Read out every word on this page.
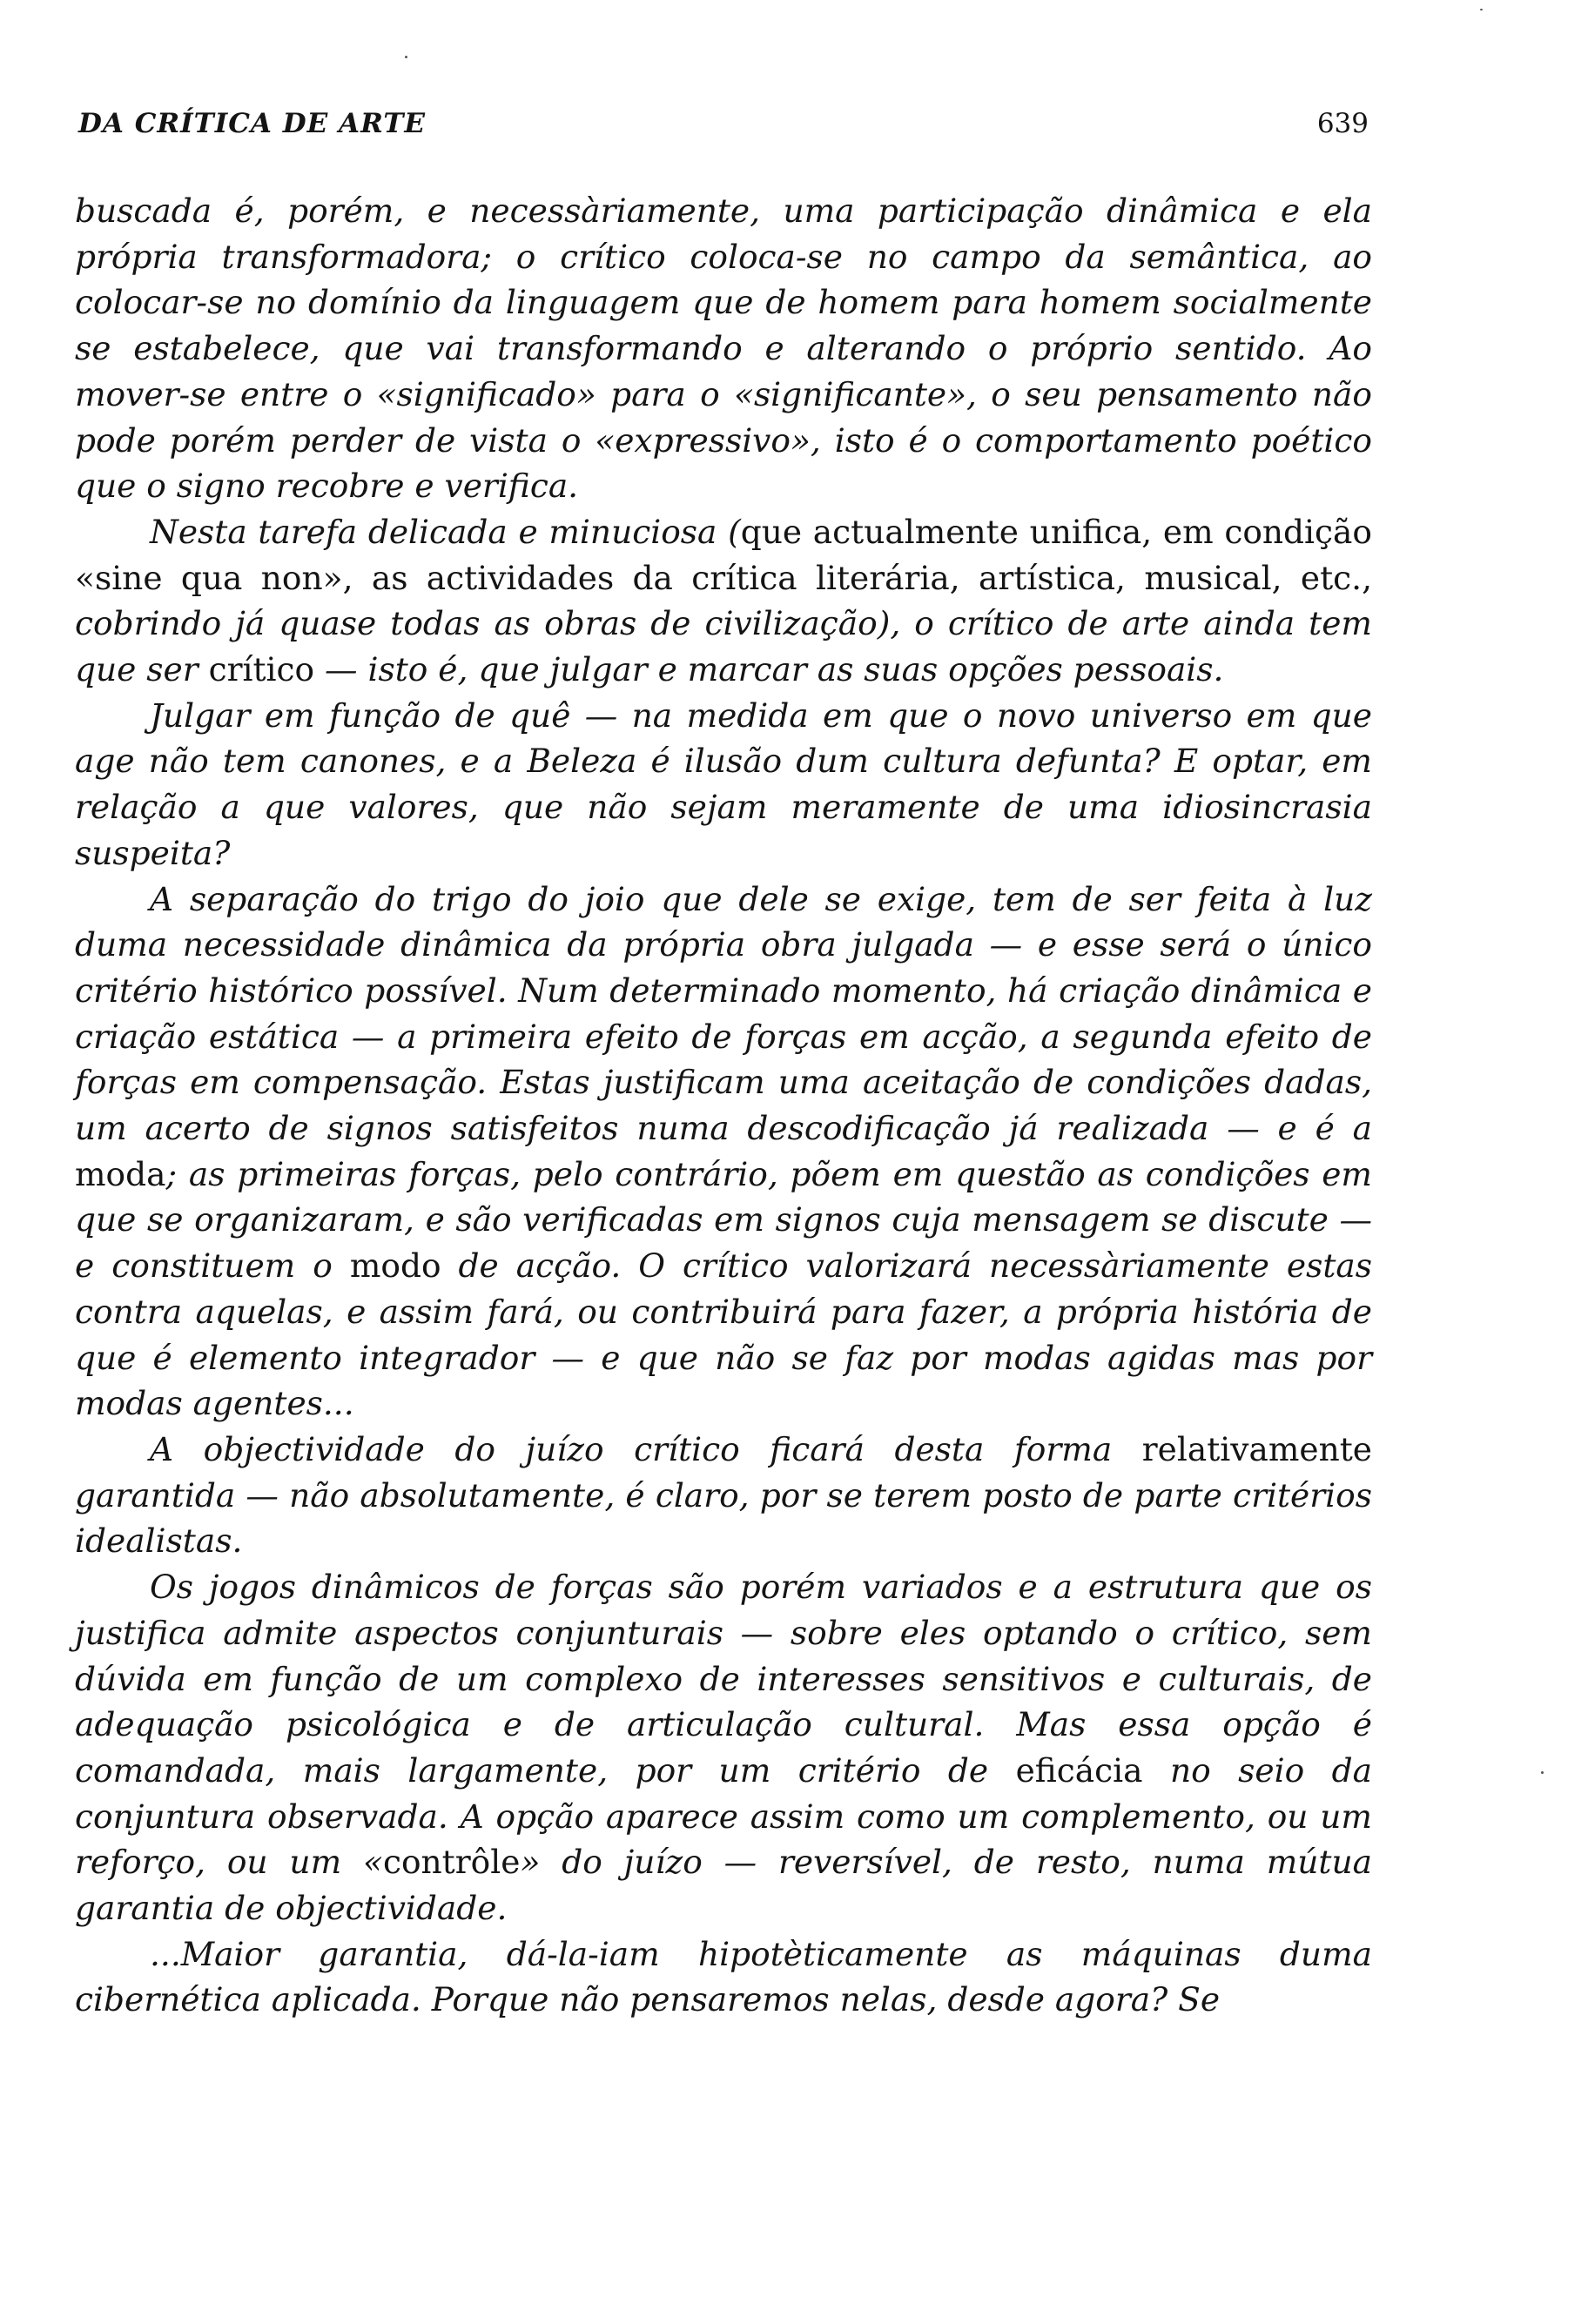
DA CRÍTICA DE ARTE	639

buscada é, porém, e necessàriamente, uma participação dinâmica e ela própria transformadora; o crítico coloca-se no campo da semântica, ao colocar-se no domínio da linguagem que de homem para homem socialmente se estabelece, que vai transformando e alterando o próprio sentido. Ao mover-se entre o «significado» para o «significante», o seu pensamento não pode porém perder de vista o «expressivo», isto é o comportamento poético que o signo recobre e verifica.

Nesta tarefa delicada e minuciosa (que actualmente unifica, em condição «sine qua non», as actividades da crítica literária, artística, musical, etc., cobrindo já quase todas as obras de civilização), o crítico de arte ainda tem que ser crítico — isto é, que julgar e marcar as suas opções pessoais.

Julgar em função de quê — na medida em que o novo universo em que age não tem canones, e a Beleza é ilusão dum cultura defunta? E optar, em relação a que valores, que não sejam meramente de uma idiosincrasia suspeita?

A separação do trigo do joio que dele se exige, tem de ser feita à luz duma necessidade dinâmica da própria obra julgada — e esse será o único critério histórico possível. Num determinado momento, há criação dinâmica e criação estática — a primeira efeito de forças em acção, a segunda efeito de forças em compensação. Estas justificam uma aceitação de condições dadas, um acerto de signos satisfeitos numa descodificação já realizada — e é a moda; as primeiras forças, pelo contrário, põem em questão as condições em que se organizaram, e são verificadas em signos cuja mensagem se discute — e constituem o modo de acção. O crítico valorizará necessàriamente estas contra aquelas, e assim fará, ou contribuirá para fazer, a própria história de que é elemento integrador — e que não se faz por modas agidas mas por modas agentes...

A objectividade do juízo crítico ficará desta forma relativamente garantida — não absolutamente, é claro, por se terem posto de parte critérios idealistas.

Os jogos dinâmicos de forças são porém variados e a estrutura que os justifica admite aspectos conjunturais — sobre eles optando o crítico, sem dúvida em função de um complexo de interesses sensitivos e culturais, de adequação psicológica e de articulação cultural. Mas essa opção é comandada, mais largamente, por um critério de eficácia no seio da conjuntura observada. A opção aparece assim como um complemento, ou um reforço, ou um «contrôle» do juízo — reversível, de resto, numa mútua garantia de objectividade.

...Maior garantia, dá-la-iam hipotèticamente as máquinas duma cibernética aplicada. Porque não pensaremos nelas, desde agora? Se
